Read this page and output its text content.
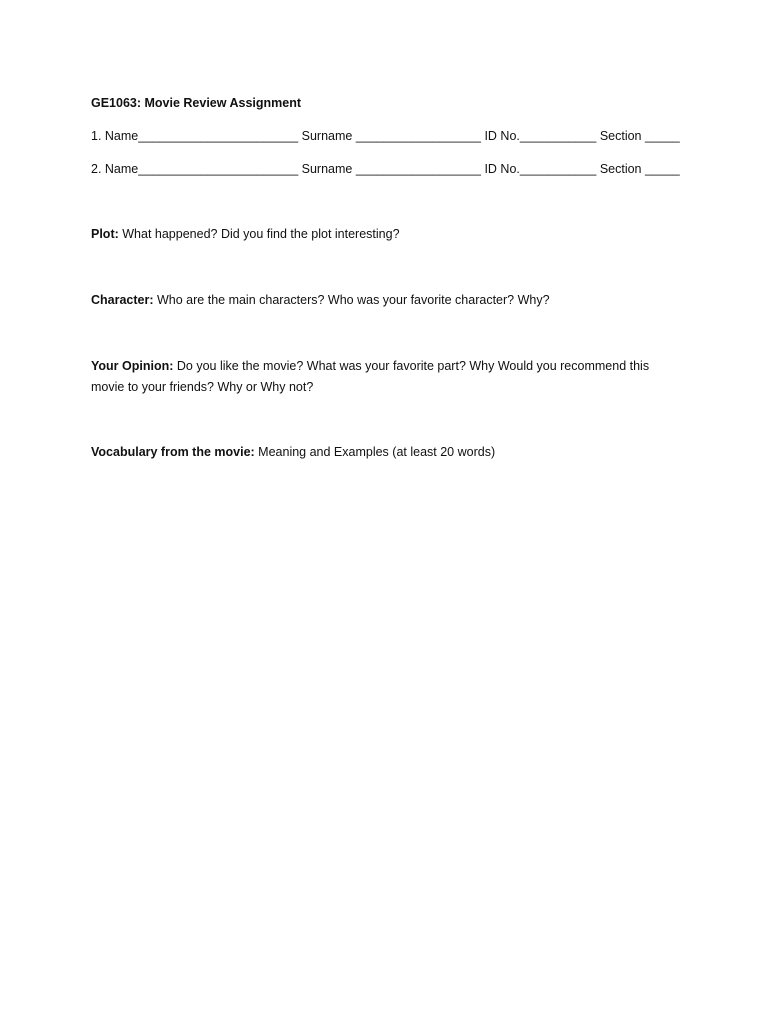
GE1063: Movie Review Assignment
1. Name_______________________ Surname __________________ ID No.___________ Section _____
2. Name_______________________ Surname __________________ ID No.___________ Section _____

Plot: What happened? Did you find the plot interesting?

Character: Who are the main characters? Who was your favorite character? Why?

Your Opinion: Do you like the movie? What was your favorite part? Why Would you recommend this movie to your friends? Why or Why not?

Vocabulary from the movie: Meaning and Examples (at least 20 words)
